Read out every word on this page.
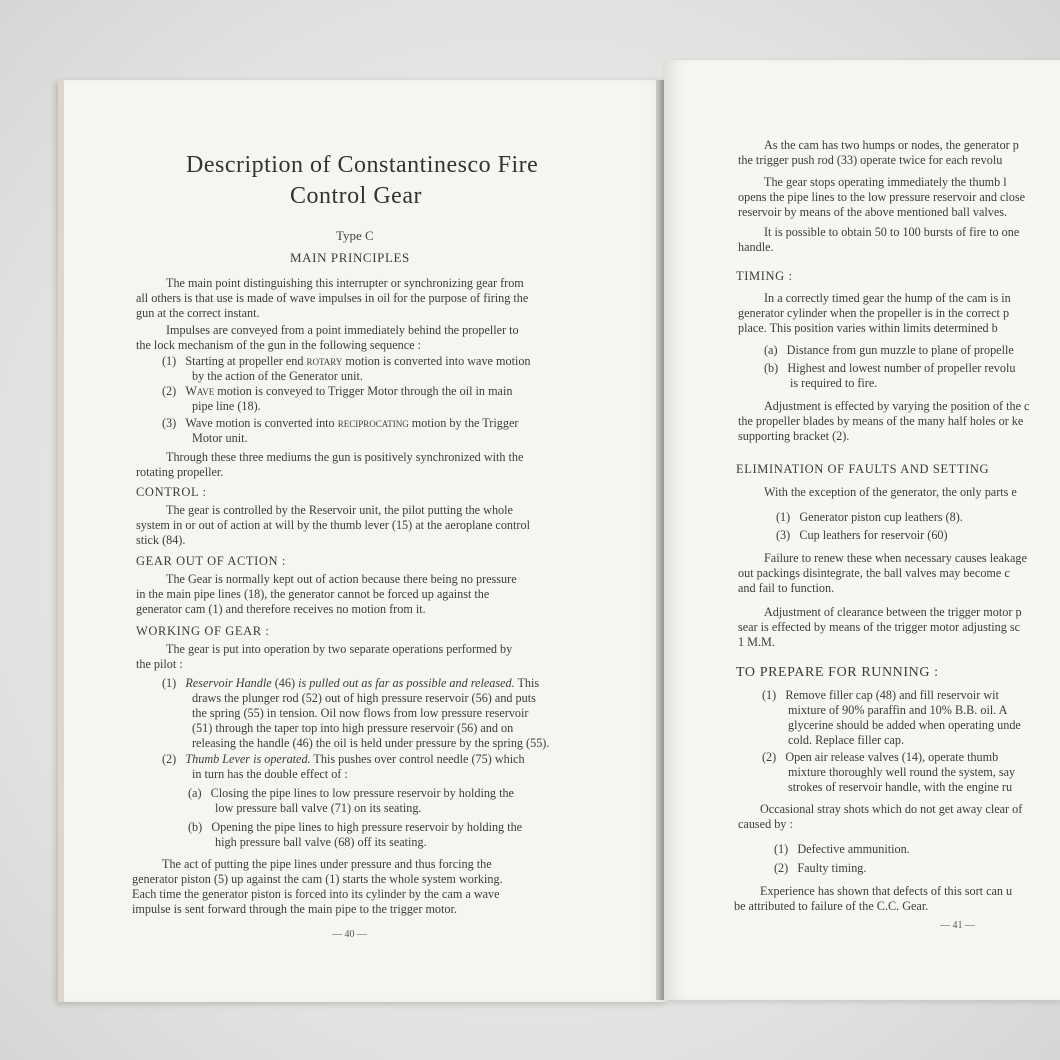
Description of Constantinesco Fire
Control Gear
Type C
MAIN PRINCIPLES
The main point distinguishing this interrupter or synchronizing gear from
all others is that use is made of wave impulses in oil for the purpose of firing the
gun at the correct instant.
Impulses are conveyed from a point immediately behind the propeller to
the lock mechanism of the gun in the following sequence :
(1) Starting at propeller end rotary motion is converted into wave motion
by the action of the Generator unit.
(2) Wave motion is conveyed to Trigger Motor through the oil in main
pipe line (18).
(3) Wave motion is converted into reciprocating motion by the Trigger
Motor unit.
Through these three mediums the gun is positively synchronized with the
rotating propeller.
CONTROL :
The gear is controlled by the Reservoir unit, the pilot putting the whole
system in or out of action at will by the thumb lever (15) at the aeroplane control
stick (84).
GEAR OUT OF ACTION :
The Gear is normally kept out of action because there being no pressure
in the main pipe lines (18), the generator cannot be forced up against the
generator cam (1) and therefore receives no motion from it.
WORKING OF GEAR :
The gear is put into operation by two separate operations performed by
the pilot :
(1) Reservoir Handle (46) is pulled out as far as possible and released. This
draws the plunger rod (52) out of high pressure reservoir (56) and puts
the spring (55) in tension. Oil now flows from low pressure reservoir
(51) through the taper top into high pressure reservoir (56) and on
releasing the handle (46) the oil is held under pressure by the spring (55).
(2) Thumb Lever is operated. This pushes over control needle (75) which
in turn has the double effect of :
(a) Closing the pipe lines to low pressure reservoir by holding the
low pressure ball valve (71) on its seating.
(b) Opening the pipe lines to high pressure reservoir by holding the
high pressure ball valve (68) off its seating.
The act of putting the pipe lines under pressure and thus forcing the
generator piston (5) up against the cam (1) starts the whole system working.
Each time the generator piston is forced into its cylinder by the cam a wave
impulse is sent forward through the main pipe to the trigger motor.
— 40 —
As the cam has two humps or nodes, the generator p
the trigger push rod (33) operate twice for each revolu
The gear stops operating immediately the thumb l
opens the pipe lines to the low pressure reservoir and close
reservoir by means of the above mentioned ball valves.
It is possible to obtain 50 to 100 bursts of fire to one
handle.
TIMING :
In a correctly timed gear the hump of the cam is in
generator cylinder when the propeller is in the correct p
place. This position varies within limits determined b
(a) Distance from gun muzzle to plane of propelle
(b) Highest and lowest number of propeller revolu
is required to fire.
Adjustment is effected by varying the position of the c
the propeller blades by means of the many half holes or ke
supporting bracket (2).
ELIMINATION OF FAULTS AND SETTING
With the exception of the generator, the only parts e
(1) Generator piston cup leathers (8).
(3) Cup leathers for reservoir (60)
Failure to renew these when necessary causes leakage
out packings disintegrate, the ball valves may become c
and fail to function.
Adjustment of clearance between the trigger motor p
sear is effected by means of the trigger motor adjusting sc
1 M.M.
TO PREPARE FOR RUNNING :
(1) Remove filler cap (48) and fill reservoir wit
mixture of 90% paraffin and 10% B.B. oil. A
glycerine should be added when operating unde
cold. Replace filler cap.
(2) Open air release valves (14), operate thumb
mixture thoroughly well round the system, say
strokes of reservoir handle, with the engine ru
Occasional stray shots which do not get away clear of
caused by :
(1) Defective ammunition.
(2) Faulty timing.
Experience has shown that defects of this sort can u
be attributed to failure of the C.C. Gear.
— 41 —
